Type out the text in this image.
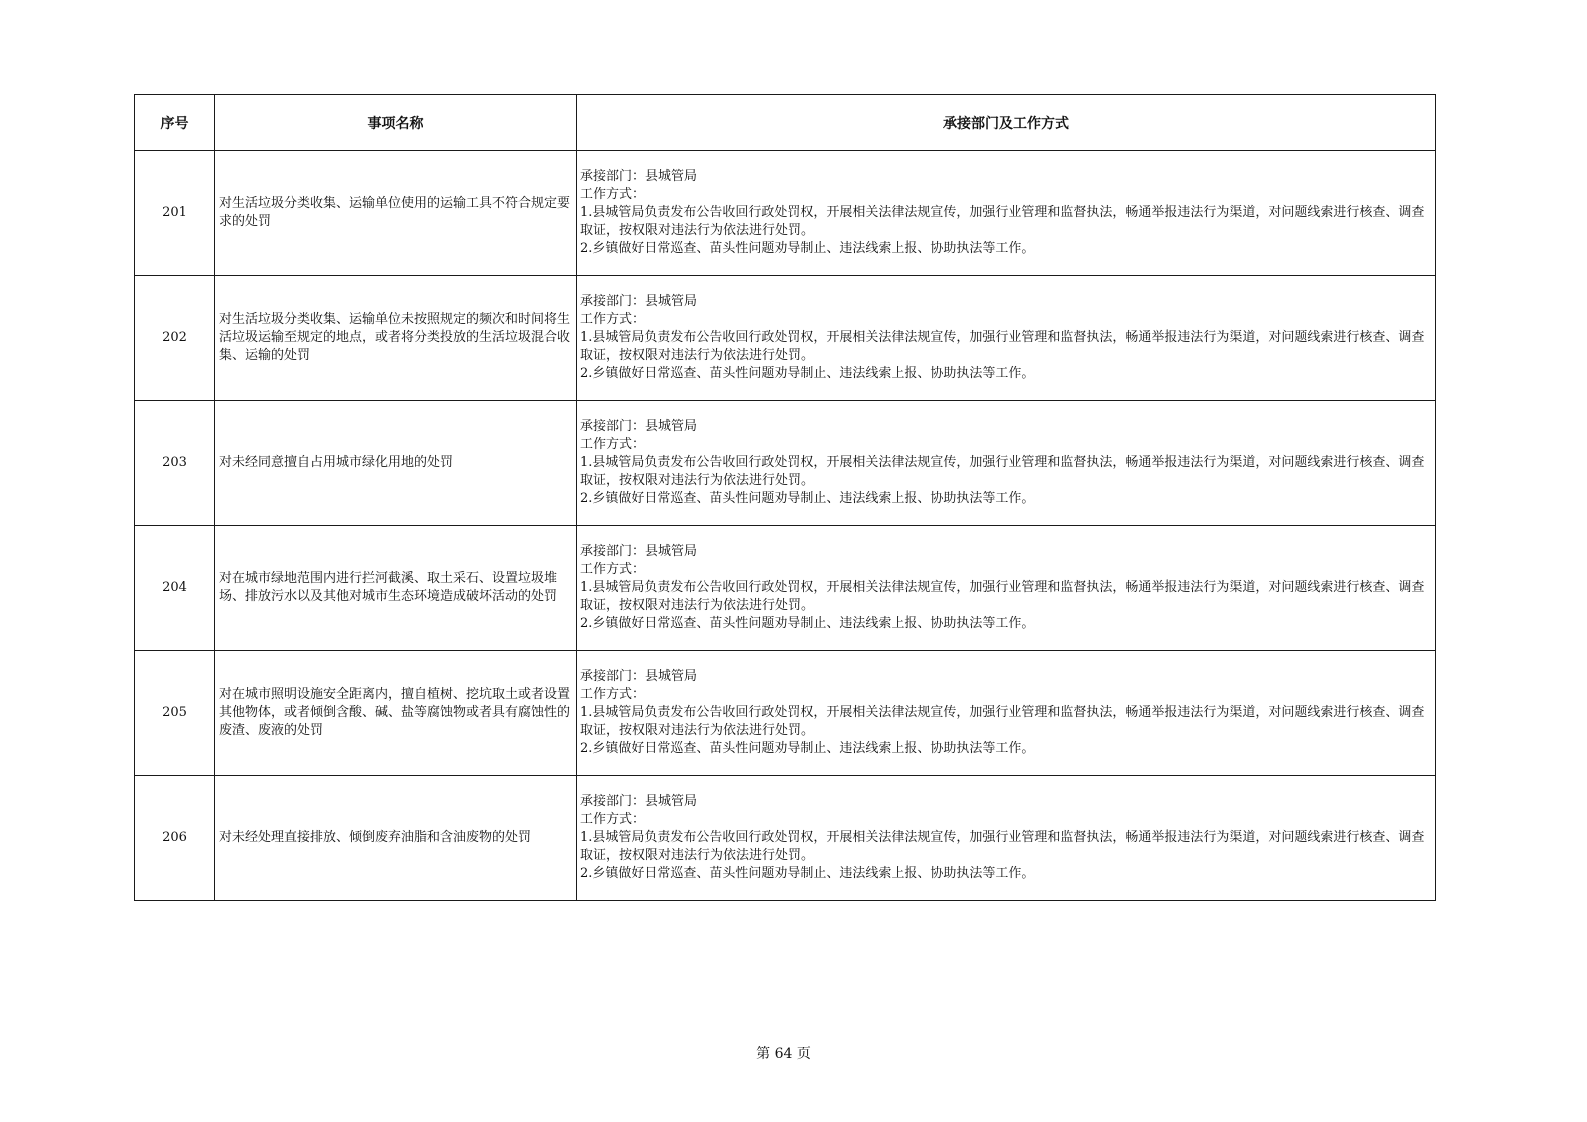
序号	事项名称	承接部门及工作方式
201	对生活垃圾分类收集、运输单位使用的运输工具不符合规定要求的处罚	承接部门：县城管局
工作方式：
1.县城管局负责发布公告收回行政处罚权，开展相关法律法规宣传，加强行业管理和监督执法，畅通举报违法行为渠道，对问题线索进行核查、调查取证，按权限对违法行为依法进行处罚。
2.乡镇做好日常巡查、苗头性问题劝导制止、违法线索上报、协助执法等工作。

202	对生活垃圾分类收集、运输单位未按照规定的频次和时间将生活垃圾运输至规定的地点，或者将分类投放的生活垃圾混合收集、运输的处罚	承接部门：县城管局
工作方式：
1.县城管局负责发布公告收回行政处罚权，开展相关法律法规宣传，加强行业管理和监督执法，畅通举报违法行为渠道，对问题线索进行核查、调查取证，按权限对违法行为依法进行处罚。
2.乡镇做好日常巡查、苗头性问题劝导制止、违法线索上报、协助执法等工作。

203	对未经同意擅自占用城市绿化用地的处罚	承接部门：县城管局
工作方式：
1.县城管局负责发布公告收回行政处罚权，开展相关法律法规宣传，加强行业管理和监督执法，畅通举报违法行为渠道，对问题线索进行核查、调查取证，按权限对违法行为依法进行处罚。
2.乡镇做好日常巡查、苗头性问题劝导制止、违法线索上报、协助执法等工作。

204	对在城市绿地范围内进行拦河截溪、取土采石、设置垃圾堆场、排放污水以及其他对城市生态环境造成破坏活动的处罚	承接部门：县城管局
工作方式：
1.县城管局负责发布公告收回行政处罚权，开展相关法律法规宣传，加强行业管理和监督执法，畅通举报违法行为渠道，对问题线索进行核查、调查取证，按权限对违法行为依法进行处罚。
2.乡镇做好日常巡查、苗头性问题劝导制止、违法线索上报、协助执法等工作。

205	对在城市照明设施安全距离内，擅自植树、挖坑取土或者设置其他物体，或者倾倒含酸、碱、盐等腐蚀物或者具有腐蚀性的废渣、废液的处罚	承接部门：县城管局
工作方式：
1.县城管局负责发布公告收回行政处罚权，开展相关法律法规宣传，加强行业管理和监督执法，畅通举报违法行为渠道，对问题线索进行核查、调查取证，按权限对违法行为依法进行处罚。
2.乡镇做好日常巡查、苗头性问题劝导制止、违法线索上报、协助执法等工作。

206	对未经处理直接排放、倾倒废弃油脂和含油废物的处罚	承接部门：县城管局
工作方式：
1.县城管局负责发布公告收回行政处罚权，开展相关法律法规宣传，加强行业管理和监督执法，畅通举报违法行为渠道，对问题线索进行核查、调查取证，按权限对违法行为依法进行处罚。
2.乡镇做好日常巡查、苗头性问题劝导制止、违法线索上报、协助执法等工作。
第 64 页
